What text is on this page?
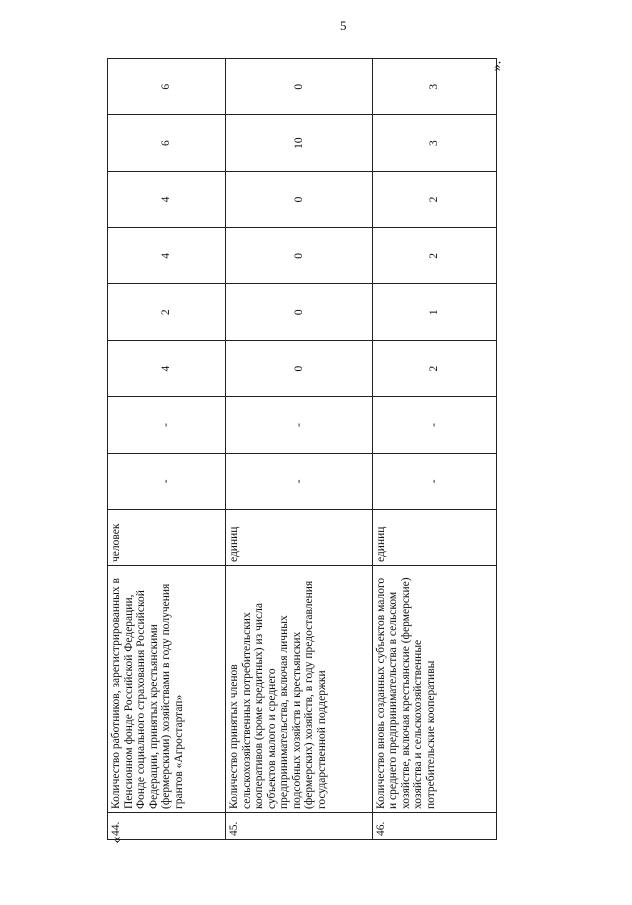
5
44.	Количество работников, зарегистрированных в Пенсионном фонде Российской Федерации, Фонде социального страхования Российской Федерации, принятых крестьянскими (фермерскими) хозяйствами в году получения грантов «Агростартап»	человек	-	-	4	2	4	4	6	6
45.	Количество принятых членов сельскохозяйственных потребительских кооперативов (кроме кредитных) из числа субъектов малого и среднего предпринимательства, включая личных подсобных хозяйств и крестьянских (фермерских) хозяйств, в году предоставления государственной поддержки	единиц	-	-	0	0	0	0	10	0
46.	Количество вновь созданных субъектов малого и среднего предпринимательства в сельском хозяйстве, включая крестьянские (фермерские) хозяйства и сельскохозяйственные потребительские кооперативы	единиц	-	-	2	1	2	2	3	3
«
».
